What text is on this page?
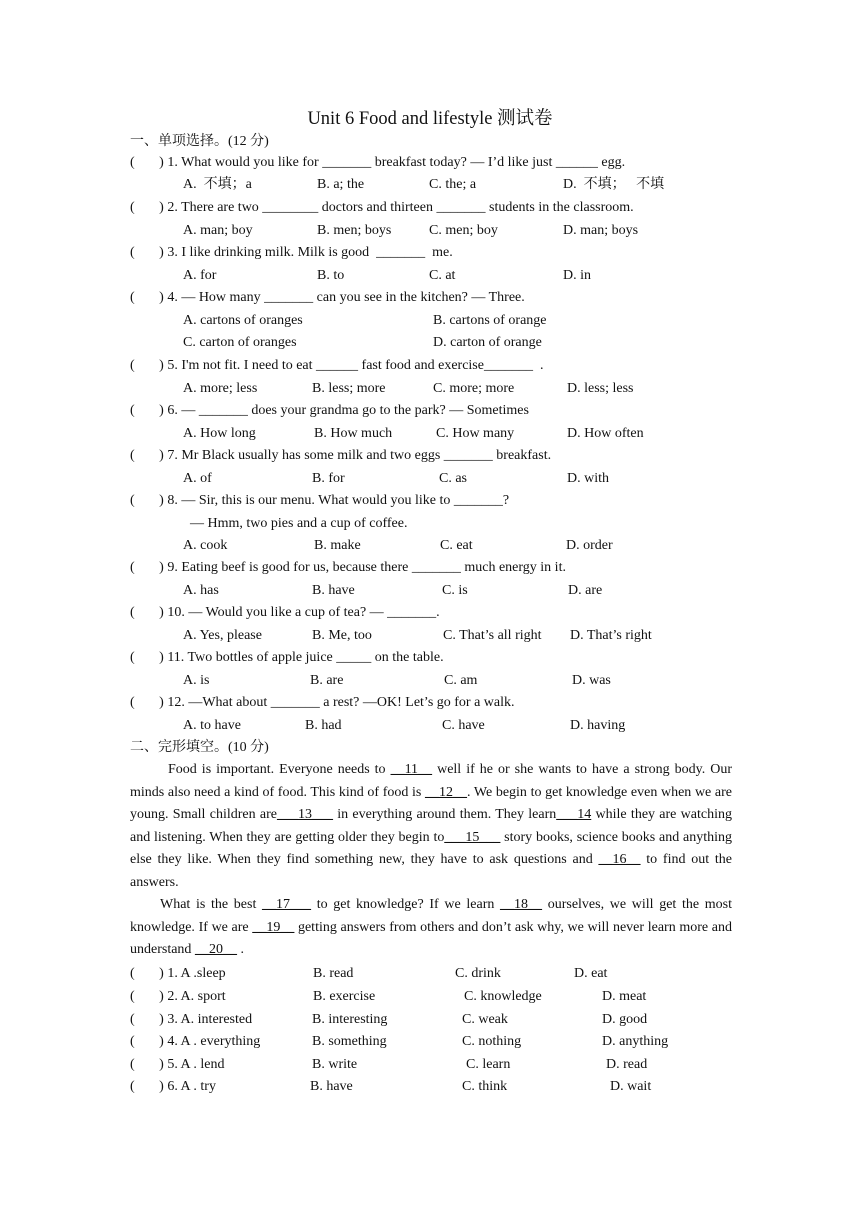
Unit 6 Food and lifestyle 测试卷
一、单项选择。(12 分)
(       ) 1. What would you like for _______ breakfast today? — I’d like just ______ egg.
A.  不填；a	B. a; the	C. the; a	D.  不填；   不填
(       ) 2. There are two ________ doctors and thirteen _______ students in the classroom.
A. man; boy	B. men; boys	C. men; boy	D. man; boys
(       ) 3. I like drinking milk. Milk is good  _______  me.
A. for	B. to	C. at	D. in
(       ) 4. — How many _______ can you see in the kitchen? — Three.
A. cartons of oranges	B. cartons of orange
C. carton of oranges	D. carton of orange
(       ) 5. I'm not fit. I need to eat ______ fast food and exercise_______  .
A. more; less	B. less; more	C. more; more	D. less; less
(       ) 6. — _______ does your grandma go to the park? — Sometimes
A. How long	B. How much	C. How many	D. How often
(       ) 7. Mr Black usually has some milk and two eggs _______ breakfast.
A. of	B. for	C. as	D. with
(       ) 8. — Sir, this is our menu. What would you like to _______?
— Hmm, two pies and a cup of coffee.
A. cook	B. make	C. eat	D. order
(       ) 9. Eating beef is good for us, because there _______ much energy in it.
A. has	B. have	C. is	D. are
(       ) 10. — Would you like a cup of tea? — _______.
A. Yes, please	B. Me, too	C. That’s all right D. That’s right
(       ) 11. Two bottles of apple juice _____ on the table.
A. is	B. are	C. am	D. was
(       ) 12. —What about _______ a rest? —OK! Let’s go for a walk.
A. to have	B. had	C. have	D. having
二、完形填空。(10 分)
Food is important. Everyone needs to __11__ well if he or she wants to have a strong body. Our minds also need a kind of food. This kind of food is __12__. We begin to get knowledge even when we are young. Small children are___13___ in everything around them. They learn___14 while they are watching and listening. When they are getting older they begin to___15___ story books, science books and anything else they like. When they find something new, they have to ask questions and __16__ to find out the answers.
What is the best __17___ to get knowledge? If we learn __18__ ourselves, we will get the most knowledge. If we are __19__ getting answers from others and don’t ask why, we will never learn more and understand __20__ .
(       ) 1. A .sleep	B. read	C. drink	D. eat
(       ) 2. A. sport	B. exercise	C. knowledge	D. meat
(       ) 3. A. interested	B. interesting	C. weak	D. good
(       ) 4. A . everything	B. something	C. nothing	D. anything
(       ) 5. A . lend	B. write	C. learn	D. read
(       ) 6. A . try	B. have	C. think	D. wait
